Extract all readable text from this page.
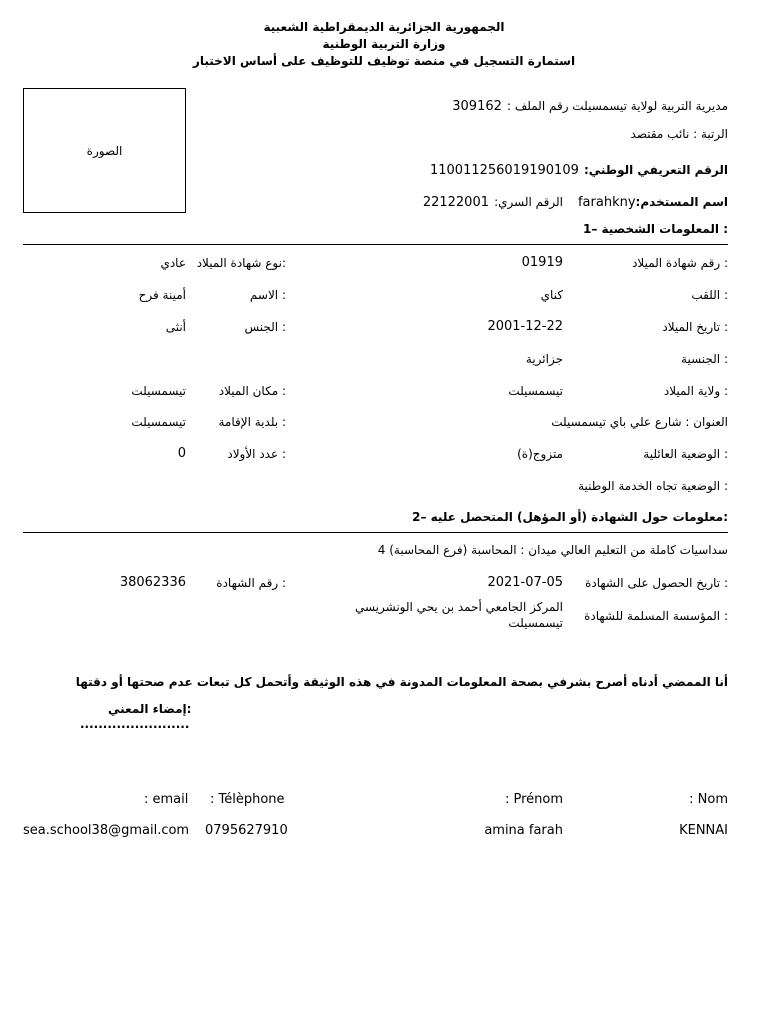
الجمهورية الجزائرية الديمقراطية الشعبية
وزارة التربية الوطنية
استمارة التسجيل في منصة توظيف للتوظيف على أساس الاختبار
الصورة
مديرية التربية لولاية تيسمسيلت رقم الملف : 309162
الرتبة : نائب مقتصد
الرقم التعريفي الوطني: 110011256019190109
اسم المستخدم:farahkny
الرقم السري: 22122001
1– المعلومات الشخصية :
رقم شهادة الميلاد :
01919
نوع شهادة الميلاد:
عادي
اللقب :
كناي
الاسم :
أمينة فرح
تاريخ الميلاد :
2001-12-22
الجنس :
أنثى
الجنسية :
جزائرية
ولاية الميلاد :
تيسمسيلت
مكان الميلاد :
تيسمسيلت
العنوان : شارع علي باي تيسمسيلت
بلدية الإقامة :
تيسمسيلت
الوضعية العائلية :
متزوج(ة)
عدد الأولاد :
0
الوضعية تجاه الخدمة الوطنية :
2– معلومات حول الشهادة (أو المؤهل) المتحصل عليه:
4 سداسيات كاملة من التعليم العالي ميدان : المحاسبة (فرع المحاسبة)
تاريخ الحصول على الشهادة :
2021-07-05
رقم الشهادة :
38062336
المؤسسة المسلمة للشهادة :
المركز الجامعي أحمد بن يحي الونشريسي
تيسمسيلت
أنا الممضي أدناه أصرح بشرفي بصحة المعلومات المدونة في هذه الوثيقة وأتحمل كل تبعات عدم صحتها أو دقتها
إمضاء المعني:
........................
: Nom
: Prénom
: Télèphone
: email
KENNAI
amina farah
0795627910
sea.school38@gmail.com
